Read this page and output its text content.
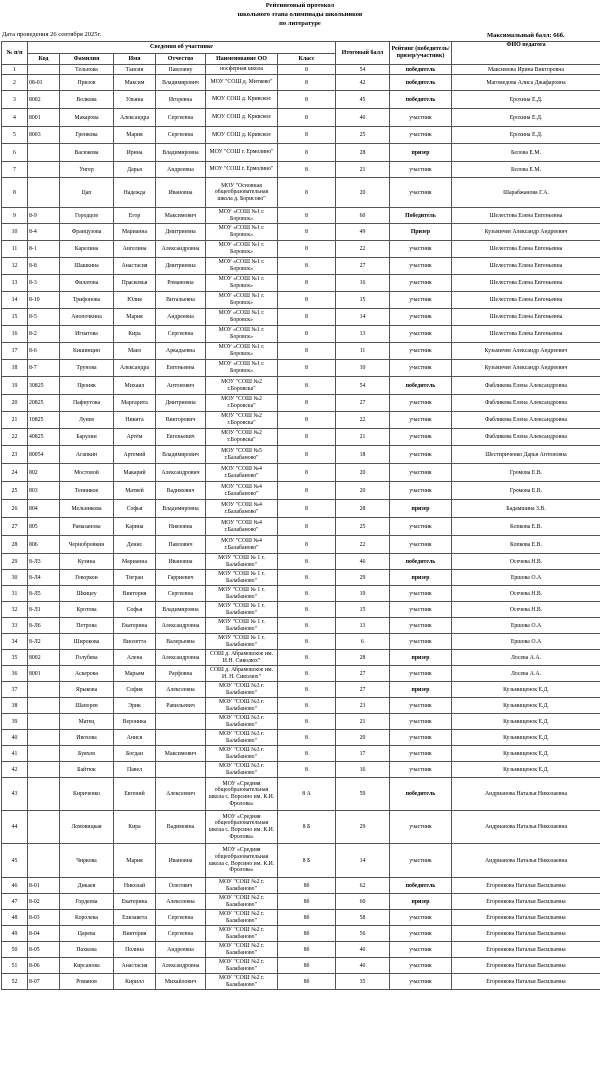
Рейтинговый протокол
школьного этапа олимпиады школьников
по литературе
Дата проведения 26 сентября 2025г.	Максимальный балл: 66б.
№ п/п	Сведения об участнике						Итоговый балл	Рейтинг (победитель/призер/участник)	ФИО педагога
	Код	Фамилия	Имя	Отчество	Наименование ОО	Класс			
1		Тельнова	Таисия	Павловну	носферная школа	8	54	победитель	Максимова Ирина Викторовна
2	08-01	Призов	Максим	Владимирович	МОУ "СОШ д. Митяево"	8	42	победитель	Магомедова Алиса Джафаровна
3	8002	Волкова	Ульяна	Игоревна	МОУ СОШ д. Кривское	8	45	победитель	Ерохина Е.Д.
4	8001	Макарова	Александра	Сергеевна	МОУ СОШ д. Кривское	8	40	участник	Ерохина Е.Д.
5	8003	Гренкова	Мария	Сергеевна	МОУ СОШ д. Кривское	8	25	участник	Ерохина Е.Д.
6		Васюкова	Ирина	Владимировна	МОУ "СОШ г. Ермолино"	8	28	призер	Белова Е.М.
7		Унгер	Дарья	Андреевна	МОУ "СОШ г. Ермолино"	8	21	участник	Белова Е.М.
8		Цап	Надежда	Ивановна	МОУ "Основная общеобразовательная школа д. Борисово"	8	20	участник	Шарабжанова Г.А.
9	8-9	Городцов	Егор	Максимович	МОУ «СОШ №1 г. Боровск»	8	60	Победитель	Шелестова Елена Евгеньевна
10	8-4	Французова	Марианна	Дмитриевна	МОУ «СОШ №1 г. Боровск»	8	49	Призер	Кузьмичев Александр Андреевич
11	8-1	Карелина	Ангелина	Александровна	МОУ «СОШ №1 г. Боровск»	8	22	участник	Шелестова Елена Евгеньевна
12	8-8	Шашкина	Анастасия	Дмитриевна	МОУ «СОШ №1 г. Боровск»	8	27	участник	Шелестова Елена Евгеньевна
13	8-3	Филатова	Прасковья	Романовна	МОУ «СОШ №1 г. Боровск»	8	16	участник	Шелестова Елена Евгеньевна
14	8-10	Трифонова	Юлия	Витальевна	МОУ «СОШ №1 г. Боровск»	8	15	участник	Шелестова Елена Евгеньевна
15	8-5	Анопочкина	Мария	Андреевна	МОУ «СОШ №1 г. Боровск»	8	14	участник	Шелестова Елена Евгеньевна
16	8-2	Игнатова	Кира	Сергеевна	МОУ «СОШ №1 г. Боровск»	8	13	участник	Шелестова Елена Евгеньевна
17	8-6	Кишинцин	Маиз	Аркадьевна	МОУ «СОШ №1 г. Боровск»	8	11	участник	Кузьмичев Александр Андреевич
18	8-7	Трунова	Александра	Евгеньевна	МОУ «СОШ №1 г. Боровск»	8	10	участник	Кузьмичев Александр Андреевич
19	30825	Проняк	Михаил	Антонович	МОУ "СОШ №2 г.Боровска"	8	54	победитель	Фабликова Елена Александровна
20	20825	Пафнутова	Маргарита	Дмитриевна	МОУ "СОШ №2 г.Боровска"	8	27	участник	Фабликова Елена Александровна
21	10825	Лунев	Никита	Викторович	МОУ "СОШ №2 г.Боровска"	8	22	участник	Фабликова Елена Александровна
22	40825	Барулин	Артём	Евгеньевич	МОУ "СОШ №2 г.Боровска"	8	21	участник	Фабликова Елена Александровна
23	80054	Агапкин	Артемий	Владимирович	МОУ "СОШ №5 г.Балабаново"	8	18	участник	Шестириченко Дарья Антоновна
24	802	Мостовой	Макарий	Александрович	МОУ "СОШ №4 г.Балабаново"	8	20	участник	Громова Е.В.
25	803	Тенников	Матвей	Вадимович	МОУ "СОШ №4 г.Балабаново"	8	20	участник	Громова Е.В.
26	804	Мельникова	Софья	Владимировна	МОУ "СОШ №4 г.Балабаново"	8	28	призер	Бадамшина З.В.
27	805	Рамазанова	Карина	Ниязовна	МОУ "СОШ №4 г.Балабаново"	8	25	участник	Копкова Е.В.
28	806	Чернобровкин	Денис	Павлович	МОУ "СОШ №4 г.Балабаново"	8	22	участник	Копкова Е.В.
29	8-Л3	Кузина	Марианна	Ивановна	МОУ "СОШ № 1 г. Балабаново"	8	46	победитель	Осечева Н.В.
30	8-Л4	Геворкон	Тигран	Гарриевич	МОУ "СОШ № 1 г. Балабаново"	8	29	призер	Ершова О.А
31	8-Л5	Шкицеу	Виктория	Сергеевна	МОУ "СОШ № 1 г. Балабаново"	8	19	участник	Осечева Н.В.
32	8-Л1	Кротова	Софья	Владимировна	МОУ "СОШ № 1 г. Балабаново"	8	15	участник	Осечева Н.В.
33	8-Л6	Петрова	Екатерина	Александровна	МОУ "СОШ № 1 г. Балабаново"	8	13	участник	Ершова О.А
34	8-Л2	Широкова	Виолетта	Валерьевна	МОУ "СОШ № 1 г. Балабаново"	8	6	участник	Ершова О.А
35	8002	Голубева	Алена	Александровна	СОШ д. Абрамовское им. И.Н. Сиволюх"	8	28	призер	Лосева А.А.
36	8001	Аскерова	Марьям	Рауфовна	СОШ д. Абрамовское им. И. Н. Сиволюх"	8	27	участник	Лосева А.А.
37		Ярыкова	София	Алексеевна	МОУ "СОШ №3 г. Балабаново"	8	27	призер	Кузьмищенок Е.Д.
38		Шапорев	Эрик	Равильевич	МОУ "СОШ №3 г. Балабаново"	8	23	участник	Кузьмищенок Е.Д.
39		Матец	Вероника		МОУ "СОШ №3 г. Балабаново"	8	21	участник	Кузьмищенок Е.Д.
40		Ивохова	Анися		МОУ "СОШ №3 г. Балабаново"	8	20	участник	Кузьмищенок Е.Д.
41		Буяхов	Богдан	Максимович	МОУ "СОШ №3 г. Балабаново"	8	17	участник	Кузьмищенок Е.Д.
42		Байтюк	Павел		МОУ "СОШ №3 г. Балабаново"	8	16	участник	Кузьмищенок Е.Д.
43		Кириченко	Евгений	Алексеевич	МОУ «Средняя общеобразовательная школа с. Ворсино им. К.И. Фролова»	8 А	59	победитель	Андрианова Наталья Николаевна
44		Ломовицкая	Кира	Вадимовна	МОУ «Средняя общеобразовательная школа с. Ворсино им. К.И. Фролова»	8 Б	29	участник	Андрианова Наталья Николаевна
45		Чиркова	Мария	Ивановна	МОУ «Средняя общеобразовательная школа с. Ворсино им. К.И. Фролова»	8 Б	14	участник	Андрианова Наталья Николаевна
46	8-01	Дикаев	Николай	Олегович	МОУ "СОШ №2 г. Балабаново"	8б	62	победитель	Егоренкова Наталья Васильевна
47	8-02	Гордеева	Екатерина	Алексеевна	МОУ "СОШ №2 г. Балабаново"	8б	60	призер	Егоренкова Наталья Васильевна
48	8-03	Королева	Елизавета	Сергеевна	МОУ "СОШ №2 г. Балабаново"	8б	58	участник	Егоренкова Наталья Васильевна
49	8-04	Царева	Виктория	Сергеевна	МОУ "СОШ №2 г. Балабаново"	8б	56	участник	Егоренкова Наталья Васильевна
50	8-05	Пахкова	Полина	Андреевна	МОУ "СОШ №2 г. Балабаново"	8б	40	участник	Егоренкова Наталья Васильевна
51	8-06	Кирсанова	Анастасия	Александровна	МОУ "СОШ №2 г. Балабаново"	8б	40	участник	Егоренкова Наталья Васильевна
52	8-07	Романов	Кирилл	Михайлович	МОУ "СОШ №2 г. Балабаново"	8б	35	участник	Егоренкова Наталья Васильевна
